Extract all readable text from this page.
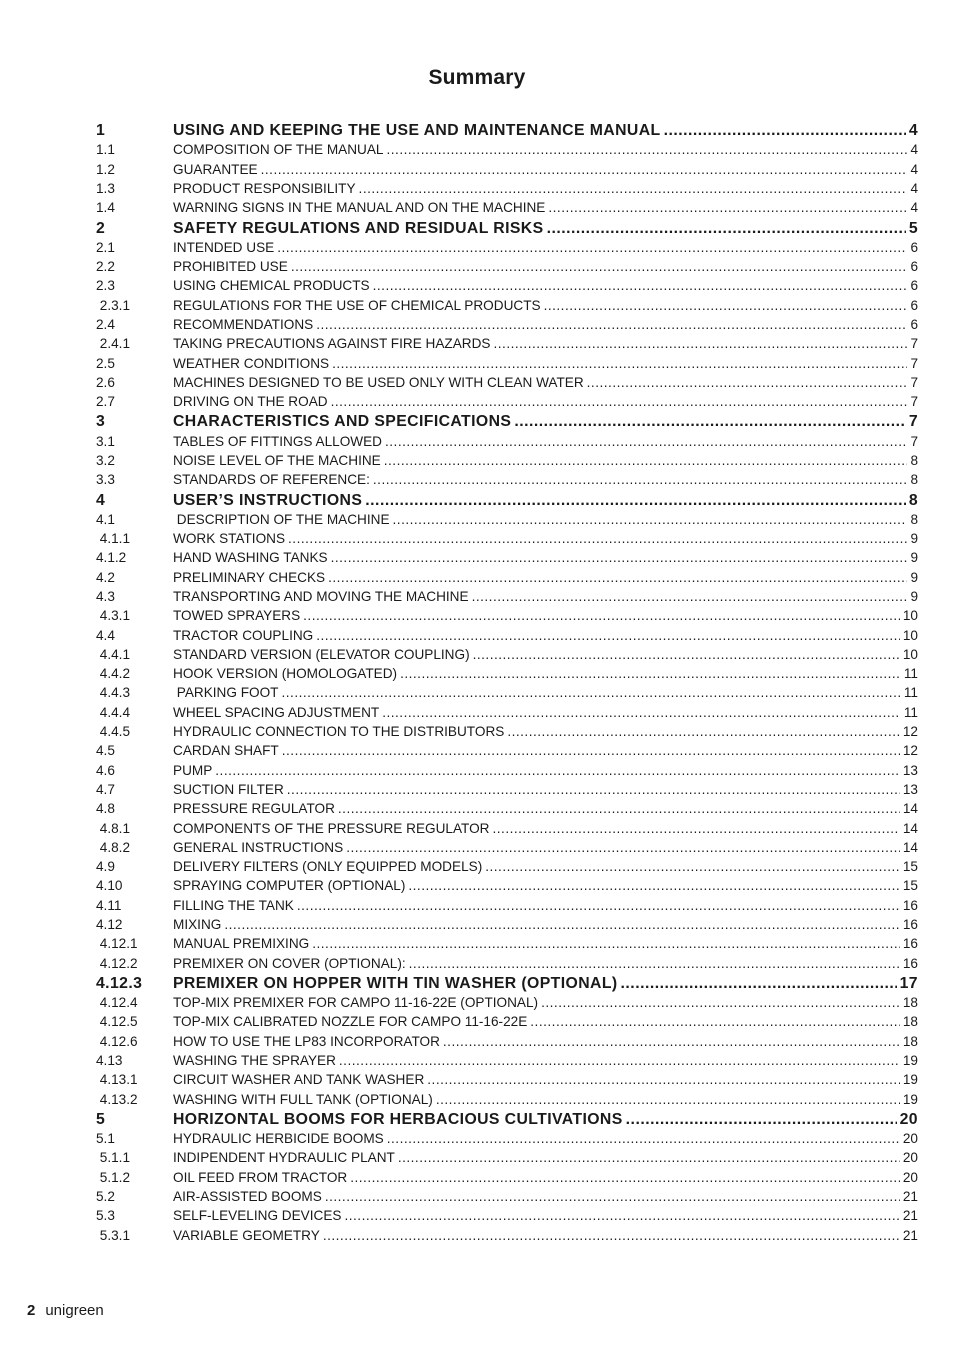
Summary
1	USING AND KEEPING THE USE AND MAINTENANCE MANUAL .....	4
1.1	COMPOSITION OF THE MANUAL .....	4
1.2	GUARANTEE .....	4
1.3	PRODUCT RESPONSIBILITY .....	4
1.4	WARNING SIGNS IN THE MANUAL AND ON THE MACHINE .....	4
2	SAFETY REGULATIONS AND RESIDUAL RISKS .....	5
2.1	INTENDED USE .....	6
2.2	PROHIBITED USE .....	6
2.3	USING CHEMICAL PRODUCTS .....	6
2.3.1	REGULATIONS FOR THE USE OF CHEMICAL PRODUCTS .....	6
2.4	RECOMMENDATIONS .....	6
2.4.1	TAKING PRECAUTIONS AGAINST FIRE HAZARDS .....	7
2.5	WEATHER CONDITIONS .....	7
2.6	MACHINES DESIGNED TO BE USED ONLY WITH CLEAN WATER .....	7
2.7	DRIVING ON THE ROAD .....	7
3	CHARACTERISTICS AND SPECIFICATIONS .....	7
3.1	TABLES OF FITTINGS ALLOWED .....	7
3.2	NOISE LEVEL OF THE MACHINE .....	8
3.3	STANDARDS OF REFERENCE: .....	8
4	USER’S INSTRUCTIONS .....	8
4.1	DESCRIPTION OF THE MACHINE .....	8
4.1.1	WORK STATIONS .....	9
4.1.2	HAND WASHING TANKS .....	9
4.2	PRELIMINARY CHECKS .....	9
4.3	TRANSPORTING AND MOVING THE MACHINE .....	9
4.3.1	TOWED SPRAYERS .....	10
4.4	TRACTOR COUPLING .....	10
4.4.1	STANDARD VERSION (ELEVATOR COUPLING) .....	10
4.4.2	HOOK VERSION (HOMOLOGATED) .....	11
4.4.3	PARKING FOOT .....	11
4.4.4	WHEEL SPACING ADJUSTMENT .....	11
4.4.5	HYDRAULIC CONNECTION TO THE DISTRIBUTORS .....	12
4.5	CARDAN SHAFT .....	12
4.6	PUMP .....	13
4.7	SUCTION FILTER .....	13
4.8	PRESSURE REGULATOR .....	14
4.8.1	COMPONENTS OF THE PRESSURE REGULATOR .....	14
4.8.2	GENERAL INSTRUCTIONS .....	14
4.9	DELIVERY FILTERS (ONLY EQUIPPED MODELS) .....	15
4.10	SPRAYING COMPUTER (OPTIONAL) .....	15
4.11	FILLING THE TANK .....	16
4.12	MIXING .....	16
4.12.1	MANUAL PREMIXING .....	16
4.12.2	PREMIXER ON COVER (OPTIONAL): .....	16
4.12.3 PREMIXER ON HOPPER WITH TIN WASHER (OPTIONAL) .....	17
4.12.4	TOP-MIX PREMIXER FOR CAMPO 11-16-22E (OPTIONAL) .....	18
4.12.5	TOP-MIX CALIBRATED NOZZLE FOR CAMPO 11-16-22E .....	18
4.12.6	HOW TO USE THE LP83 INCORPORATOR .....	18
4.13	WASHING THE SPRAYER .....	19
4.13.1	CIRCUIT WASHER AND TANK WASHER .....	19
4.13.2	WASHING WITH FULL TANK (OPTIONAL) .....	19
5	HORIZONTAL BOOMS FOR HERBACIOUS CULTIVATIONS .....	20
5.1	HYDRAULIC HERBICIDE BOOMS .....	20
5.1.1	INDIPENDENT HYDRAULIC PLANT .....	20
5.1.2	OIL FEED FROM TRACTOR .....	20
5.2	AIR-ASSISTED BOOMS .....	21
5.3	SELF-LEVELING DEVICES .....	21
5.3.1	VARIABLE GEOMETRY .....	21
2 unigreen
